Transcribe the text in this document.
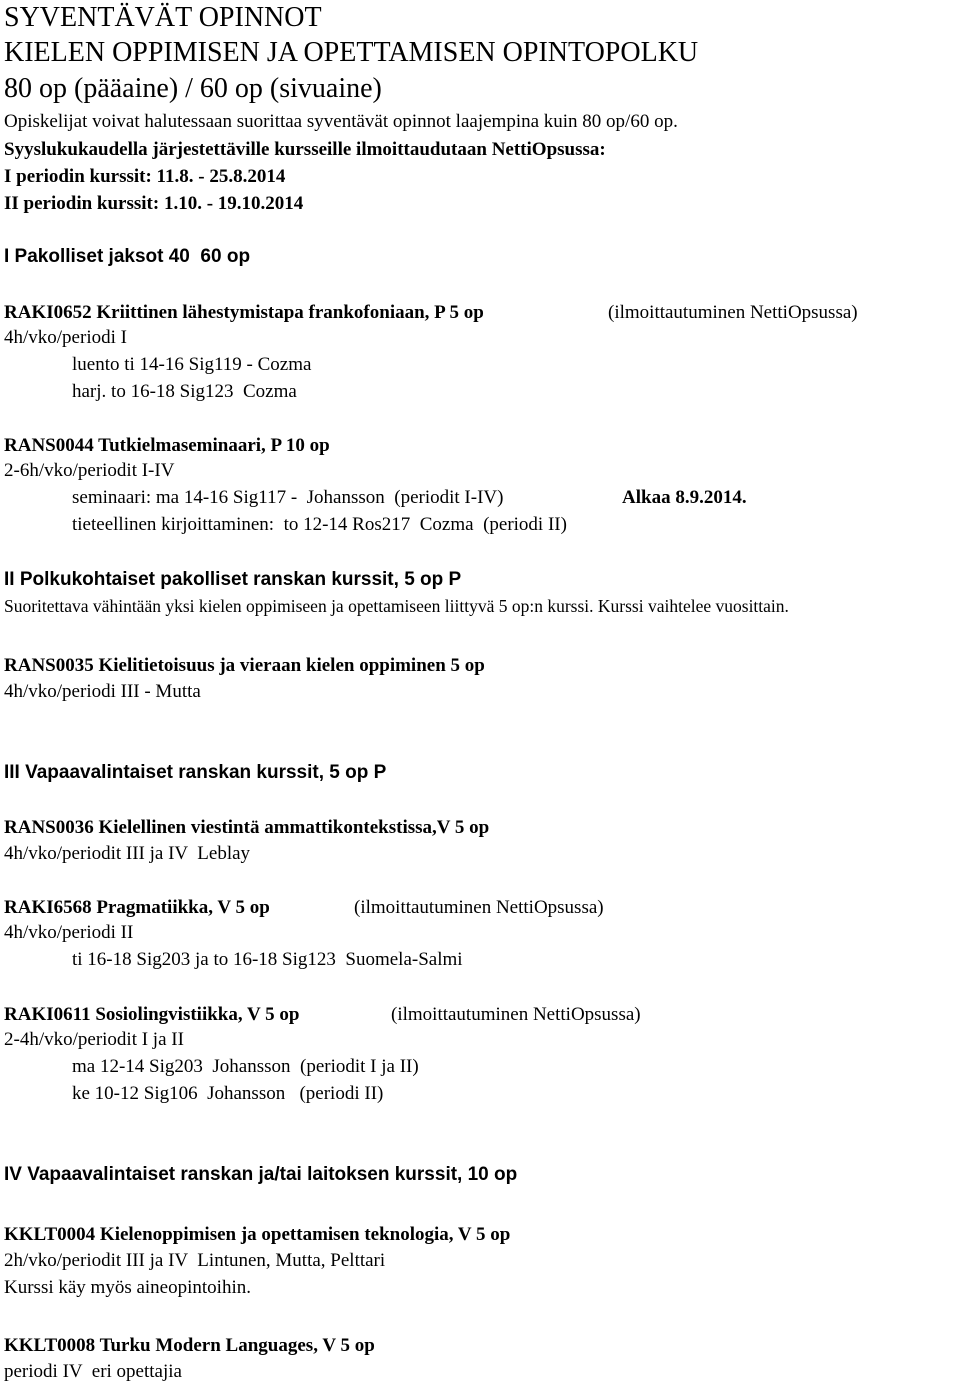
SYVENTÄVÄT OPINNOT
KIELEN OPPIMISEN JA OPETTAMISEN OPINTOPOLKU
80 op (pääaine) / 60 op (sivuaine)
Opiskelijat voivat halutessaan suorittaa syventävät opinnot laajempina kuin 80 op/60 op.
Syyslukukaudella järjestettäville kursseille ilmoittaudutaan NettiOpsussa:
I periodin kurssit: 11.8. - 25.8.2014
II periodin kurssit: 1.10. - 19.10.2014
I Pakolliset jaksot 40  60 op

RAKI0652 Kriittinen lähestymistapa frankofoniaan, P 5 op

	(ilmoittautuminen NettiOpsussa)

4h/vko/periodi I
luento ti 14-16 Sig119 - Cozma
harj. to 16-18 Sig123  Cozma
RANS0044 Tutkielmaseminaari, P 10 op
2-6h/vko/periodit I-IV

seminaari: ma 14-16 Sig117 -  Johansson  (periodit I-IV)

	Alkaa 8.9.2014.

tieteellinen kirjoittaminen:  to 12-14 Ros217  Cozma  (periodi II)
II Polkukohtaiset pakolliset ranskan kurssit, 5 op P
Suoritettava vähintään yksi kielen oppimiseen ja opettamiseen liittyvä 5 op:n kurssi. Kurssi vaihtelee vuosittain.
RANS0035 Kielitietoisuus ja vieraan kielen oppiminen 5 op
4h/vko/periodi III - Mutta
III Vapaavalintaiset ranskan kurssit, 5 op P
RANS0036 Kielellinen viestintä ammattikontekstissa,V 5 op
4h/vko/periodit III ja IV  Leblay

RAKI6568 Pragmatiikka, V 5 op

	(ilmoittautuminen NettiOpsussa)

4h/vko/periodi II
ti 16-18 Sig203 ja to 16-18 Sig123  Suomela-Salmi

RAKI0611 Sosiolingvistiikka, V 5 op

	(ilmoittautuminen NettiOpsussa)

2-4h/vko/periodit I ja II
ma 12-14 Sig203  Johansson  (periodit I ja II)
ke 10-12 Sig106  Johansson   (periodi II)
IV Vapaavalintaiset ranskan ja/tai laitoksen kurssit, 10 op
KKLT0004 Kielenoppimisen ja opettamisen teknologia, V 5 op
2h/vko/periodit III ja IV  Lintunen, Mutta, Pelttari
Kurssi käy myös aineopintoihin.
KKLT0008 Turku Modern Languages, V 5 op
periodi IV  eri opettajia
